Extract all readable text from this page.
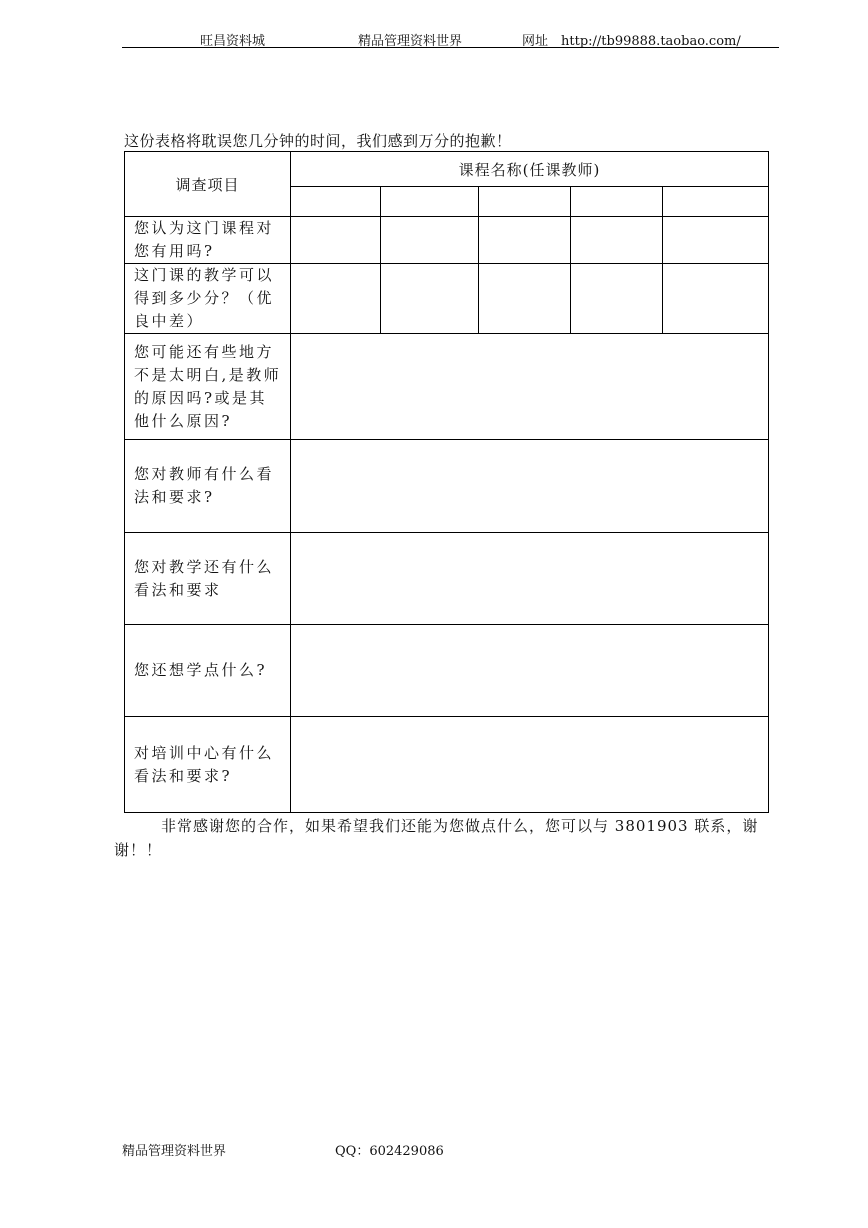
旺昌资料城	精品管理资料世界	网址　http://tb99888.taobao.com/
这份表格将耽误您几分钟的时间，我们感到万分的抱歉！
调查项目	课程名称(任课教师)				

您认为这门课程对您有用吗?					
这门课的教学可以得到多少分？（优良中差）					
您可能还有些地方不是太明白,是教师的原因吗?或是其他什么原因?					
您对教师有什么看法和要求?					
您对教学还有什么看法和要求					
您还想学点什么?					
对培训中心有什么看法和要求?					
非常感谢您的合作，如果希望我们还能为您做点什么，您可以与 3801903 联系，谢谢！！
精品管理资料世界	QQ：602429086
